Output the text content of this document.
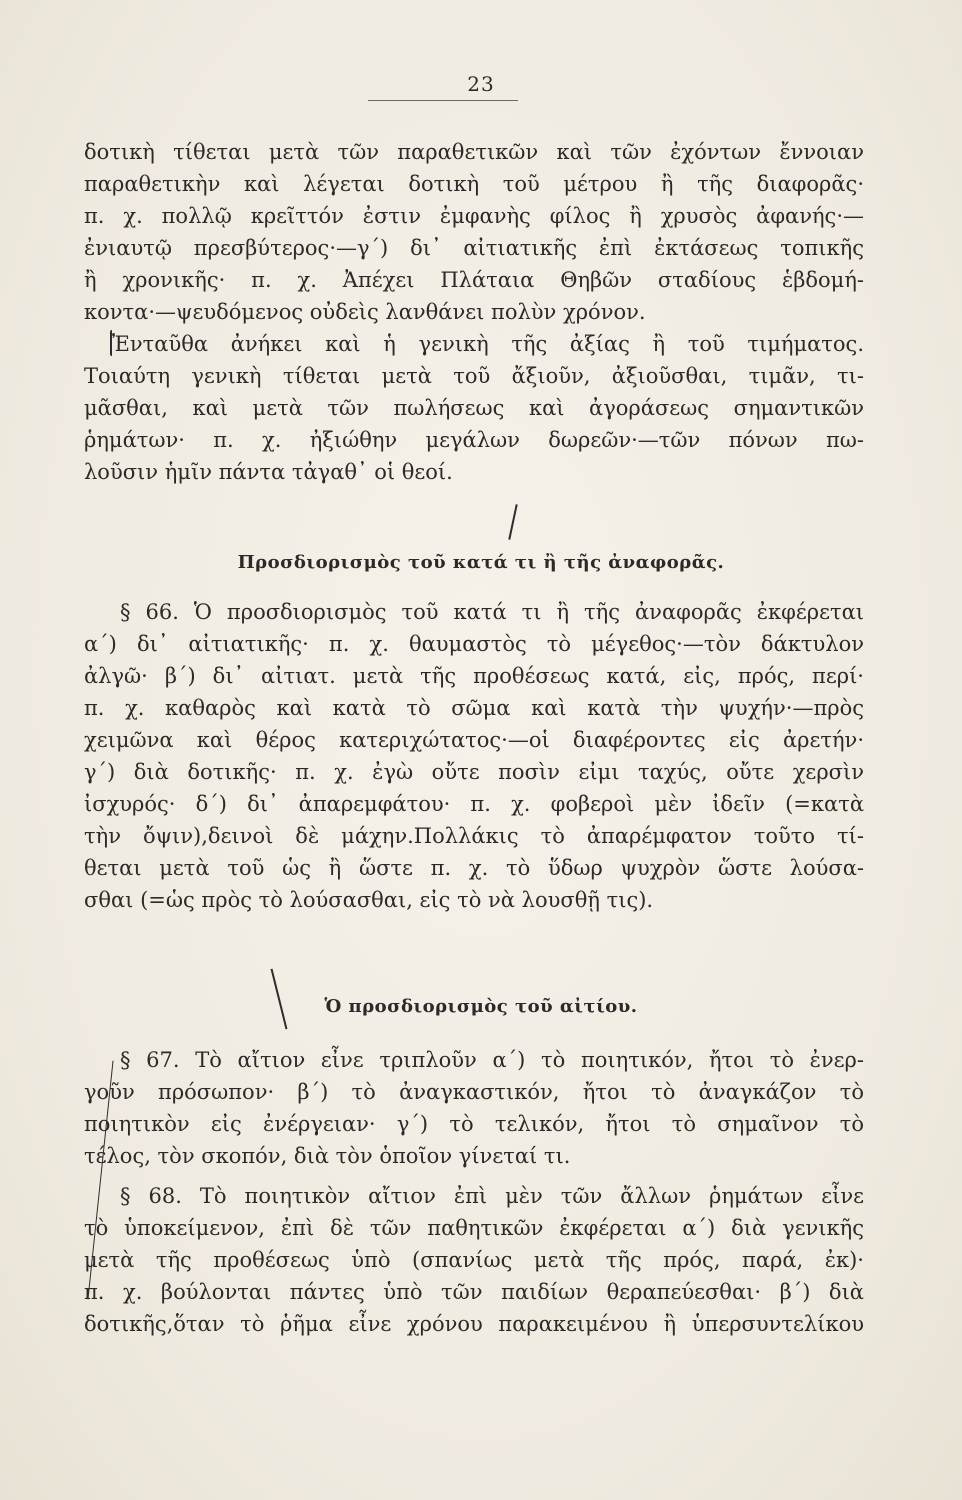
23
δοτικὴ τίθεται μετὰ τῶν παραθετικῶν καὶ τῶν ἐχόντων ἔννοιαν
παραθετικὴν καὶ λέγεται δοτικὴ τοῦ μέτρου ἢ τῆς διαφορᾶς·
π. χ. πολλῷ κρεῖττόν ἐστιν ἐμφανὴς φίλος ἢ χρυσὸς ἀφανής·—
ἐνιαυτῷ πρεσβύτερος·—γ΄) δι᾽ αἰτιατικῆς ἐπὶ ἐκτάσεως τοπικῆς
ἢ χρονικῆς· π. χ. Ἀπέχει Πλάταια Θηβῶν σταδίους ἑβδομή-
κοντα·—ψευδόμενος οὐδεὶς λανθάνει πολὺν χρόνον.
Ἐνταῦθα ἀνήκει καὶ ἡ γενικὴ τῆς ἀξίας ἢ τοῦ τιμήματος.
Τοιαύτη γενικὴ τίθεται μετὰ τοῦ ἄξιοῦν, ἀξιοῦσθαι, τιμᾶν, τι-
μᾶσθαι, καὶ μετὰ τῶν πωλήσεως καὶ ἀγοράσεως σημαντικῶν
ῥημάτων· π. χ. ἠξιώθην μεγάλων δωρεῶν·—τῶν πόνων πω-
λοῦσιν ἡμῖν πάντα τἀγαθ᾽ οἱ θεοί.
Προσδιορισμὸς τοῦ κατά τι ἢ τῆς ἀναφορᾶς.
§ 66. Ὁ προσδιορισμὸς τοῦ κατά τι ἢ τῆς ἀναφορᾶς ἐκφέρεται
α΄) δι᾽ αἰτιατικῆς· π. χ. θαυμαστὸς τὸ μέγεθος·—τὸν δάκτυλον
ἀλγῶ· β΄) δι᾽ αἰτιατ. μετὰ τῆς προθέσεως κατά, εἰς, πρός, περί·
π. χ. καθαρὸς καὶ κατὰ τὸ σῶμα καὶ κατὰ τὴν ψυχήν·—πρὸς
χειμῶνα καὶ θέρος κατεριχώτατος·—οἱ διαφέροντες εἰς ἀρετήν·
γ΄) διὰ δοτικῆς· π. χ. ἐγὼ οὔτε ποσὶν εἰμι ταχύς, οὔτε χερσὶν
ἰσχυρός· δ΄) δι᾽ ἀπαρεμφάτου· π. χ. φοβεροὶ μὲν ἰδεῖν (=κατὰ
τὴν ὄψιν),δεινοὶ δὲ μάχην.Πολλάκις τὸ ἀπαρέμφατον τοῦτο τί-
θεται μετὰ τοῦ ὡς ἢ ὥστε π. χ. τὸ ὕδωρ ψυχρὸν ὥστε λούσα-
σθαι (=ὡς πρὸς τὸ λούσασθαι, εἰς τὸ νὰ λουσθῇ τις).
Ὁ προσδιορισμὸς τοῦ αἰτίου.
§ 67. Τὸ αἴτιον εἶνε τριπλοῦν α΄) τὸ ποιητικόν, ἤτοι τὸ ἐνερ-
γοῦν πρόσωπον· β΄) τὸ ἀναγκαστικόν, ἤτοι τὸ ἀναγκάζον τὸ
ποιητικὸν εἰς ἐνέργειαν· γ΄) τὸ τελικόν, ἤτοι τὸ σημαῖνον τὸ
τέλος, τὸν σκοπόν, διὰ τὸν ὁποῖον γίνεταί τι.
§ 68. Τὸ ποιητικὸν αἴτιον ἐπὶ μὲν τῶν ἄλλων ῥημάτων εἶνε
τὸ ὑποκείμενον, ἐπὶ δὲ τῶν παθητικῶν ἐκφέρεται α΄) διὰ γενικῆς
μετὰ τῆς προθέσεως ὑπὸ (σπανίως μετὰ τῆς πρός, παρά, ἐκ)·
π. χ. βούλονται πάντες ὑπὸ τῶν παιδίων θεραπεύεσθαι· β΄) διὰ
δοτικῆς,ὅταν τὸ ῥῆμα εἶνε χρόνου παρακειμένου ἢ ὑπερσυντελίκου
